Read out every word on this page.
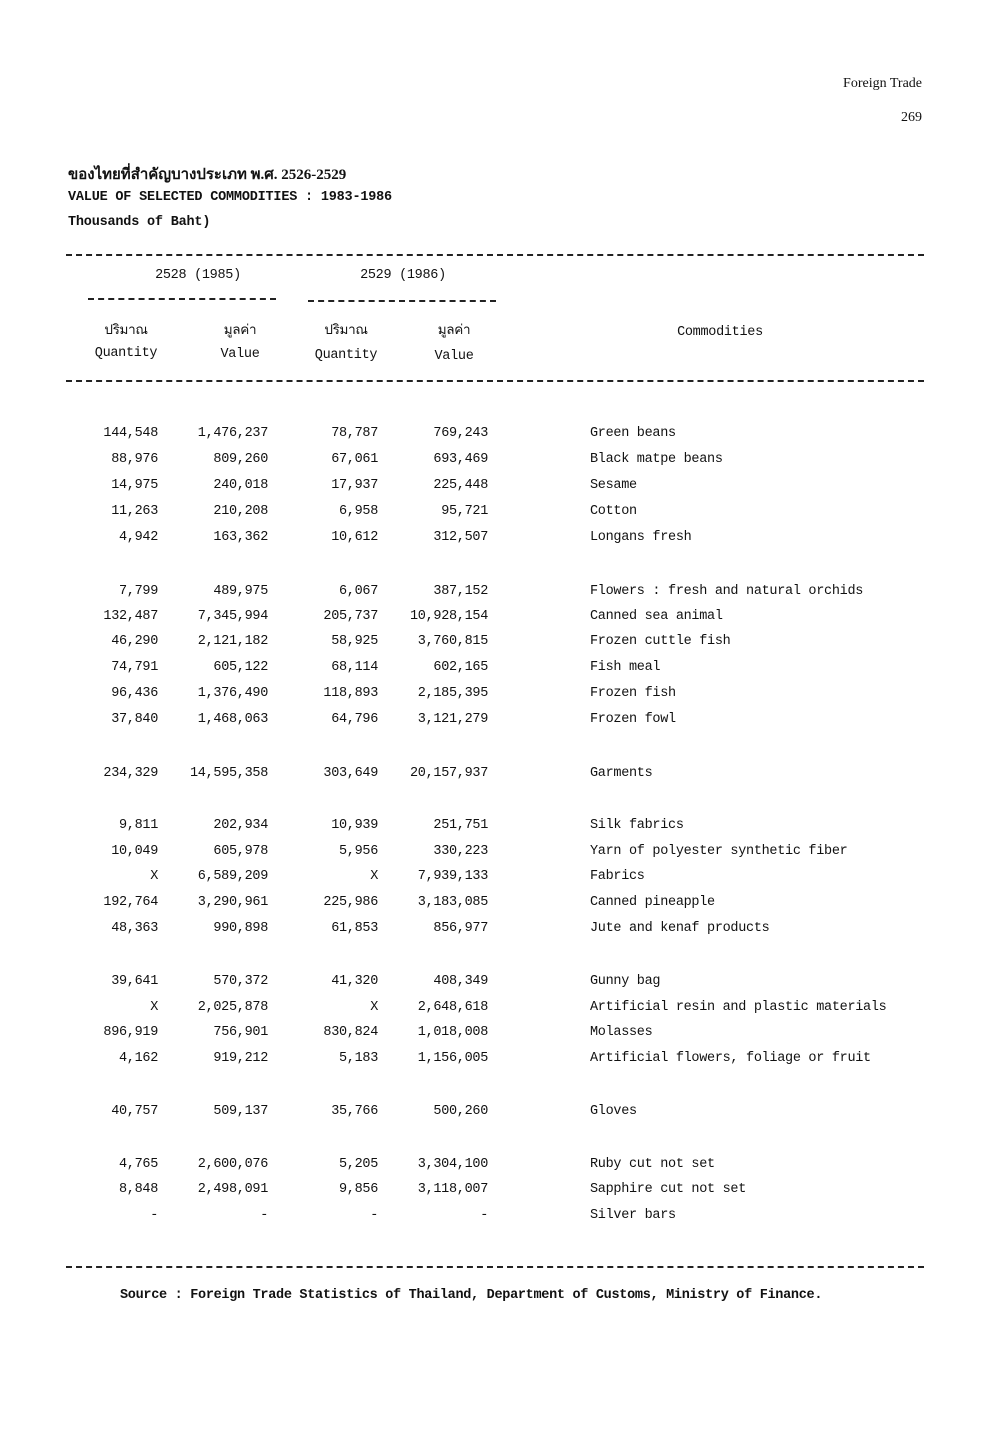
Foreign Trade
269
ของไทยที่สำคัญบางประเภท พ.ศ. 2526-2529
VALUE OF SELECTED COMMODITIES : 1983-1986
Thousands of Baht)
2528 (1985)	2529 (1986)
ปริมาณ	มูลค่า	ปริมาณ	มูลค่า	Commodities
Quantity	Value	Quantity	Value
144,548	1,476,237	78,787	769,243	Green beans
88,976	809,260	67,061	693,469	Black matpe beans
14,975	240,018	17,937	225,448	Sesame
11,263	210,208	6,958	95,721	Cotton
4,942	163,362	10,612	312,507	Longans fresh
7,799	489,975	6,067	387,152	Flowers : fresh and natural orchids
132,487	7,345,994	205,737 10,928,154	Canned sea animal
46,290	2,121,182	58,925	3,760,815	Frozen cuttle fish
74,791	605,122	68,114	602,165	Fish meal
96,436	1,376,490	118,893	2,185,395	Frozen fish
37,840	1,468,063	64,796	3,121,279	Frozen fowl
234,329 14,595,358	303,649 20,157,937	Garments
9,811	202,934	10,939	251,751	Silk fabrics
10,049	605,978	5,956	330,223	Yarn of polyester synthetic fiber
X	6,589,209	X	7,939,133	Fabrics
192,764	3,290,961	225,986	3,183,085	Canned pineapple
48,363	990,898	61,853	856,977	Jute and kenaf products
39,641	570,372	41,320	408,349	Gunny bag
X	2,025,878	X	2,648,618	Artificial resin and plastic materials
896,919	756,901	830,824	1,018,008	Molasses
4,162	919,212	5,183	1,156,005	Artificial flowers, foliage or fruit
40,757	509,137	35,766	500,260	Gloves
4,765	2,600,076	5,205	3,304,100	Ruby cut not set
8,848	2,498,091	9,856	3,118,007	Sapphire cut not set
-	-	-	-	Silver bars
Source : Foreign Trade Statistics of Thailand, Department of Customs, Ministry of Finance.
